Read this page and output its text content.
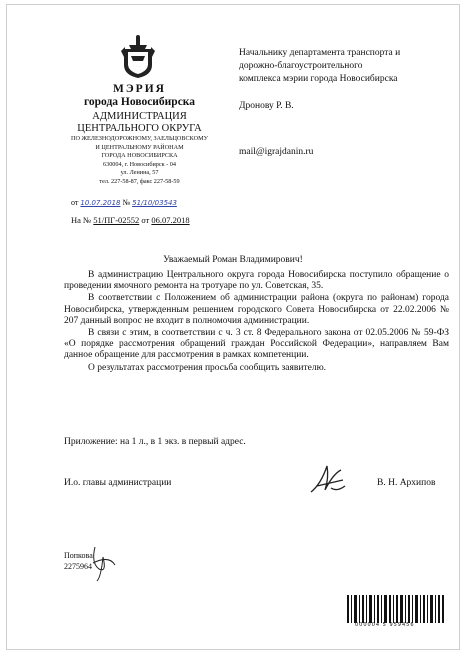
МЭРИЯ
города Новосибирска
АДМИНИСТРАЦИЯ
ЦЕНТРАЛЬНОГО ОКРУГА
ПО ЖЕЛЕЗНОДОРОЖНОМУ, ЗАЕЛЬЦОВСКОМУ
И ЦЕНТРАЛЬНОМУ РАЙОНАМ
ГОРОДА НОВОСИБИРСКА
630004, г. Новосибирск - 04
ул. Ленина, 57
тел. 227-58-87, факс 227-58-59
Начальнику департамента транспорта и
дорожно-благоустроительного
комплекса мэрии города Новосибирска
Дронову Р. В.
mail@igrajdanin.ru
от 10.07.2018 № 51/10/03543
На № 51/ПГ-02552 от 06.07.2018
Уважаемый Роман Владимирович!

В администрацию Центрального округа города Новосибирска поступило обращение о проведении ямочного ремонта на тротуаре по ул. Советская, 35.

В соответствии с Положением об администрации района (округа по районам) города Новосибирска, утвержденным решением городского Совета Новосибирска от 22.02.2006 № 207 данный вопрос не входит в полномочия администрации.

В связи с этим, в соответствии с ч. 3 ст. 8 Федерального закона от 02.05.2006 № 59-ФЗ «О порядке рассмотрения обращений граждан Российской Федерации», направляем Вам данное обращение для рассмотрения в рамках компетенции.

О результатах рассмотрения просьба сообщить заявителю.

Приложение: на 1 л., в 1 экз. в первый адрес.
И.о. главы администрации	В. Н. Архипов
Попкова
2275964
000004 5 959456
